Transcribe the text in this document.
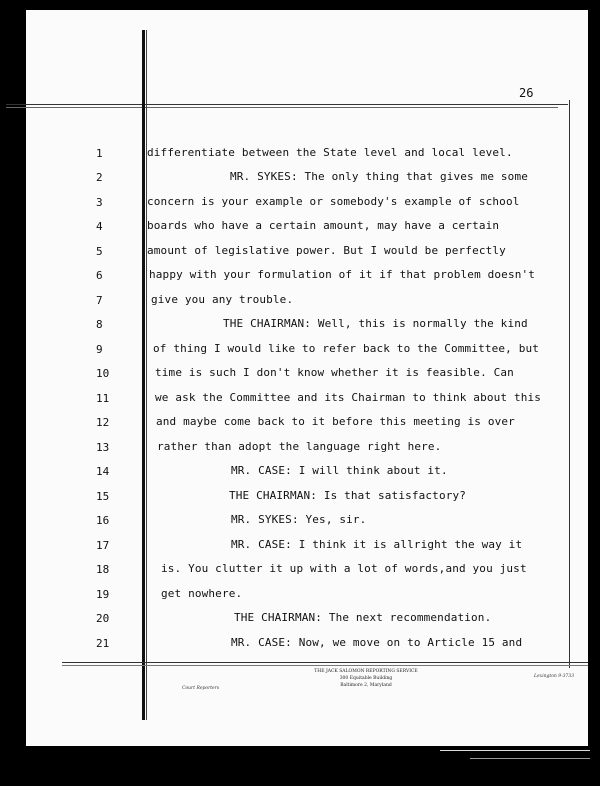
26
1	differentiate between the State level and local level.
2	MR. SYKES: The only thing that gives me some
3	concern is your example or somebody's example of school
4	boards who have a certain amount, may have a certain
5	amount of legislative power. But I would be perfectly
6	happy with your formulation of it if that problem doesn't
7	give you any trouble.
8	THE CHAIRMAN: Well, this is normally the kind
9	of thing I would like to refer back to the Committee, but
10	time is such I don't know whether it is feasible. Can
11	we ask the Committee and its Chairman to think about this
12	and maybe come back to it before this meeting is over
13	rather than adopt the language right here.
14	MR. CASE: I will think about it.
15	THE CHAIRMAN: Is that satisfactory?
16	MR. SYKES: Yes, sir.
17	MR. CASE: I think it is allright the way it
18	is. You clutter it up with a lot of words,and you just
19	get nowhere.
20	THE CHAIRMAN: The next recommendation.
21	MR. CASE: Now, we move on to Article 15 and
THE JACK SALOMON REPORTING SERVICE
300 Equitable Building
Baltimore 2, Maryland
Court Reporters
Lexington 9-3733
